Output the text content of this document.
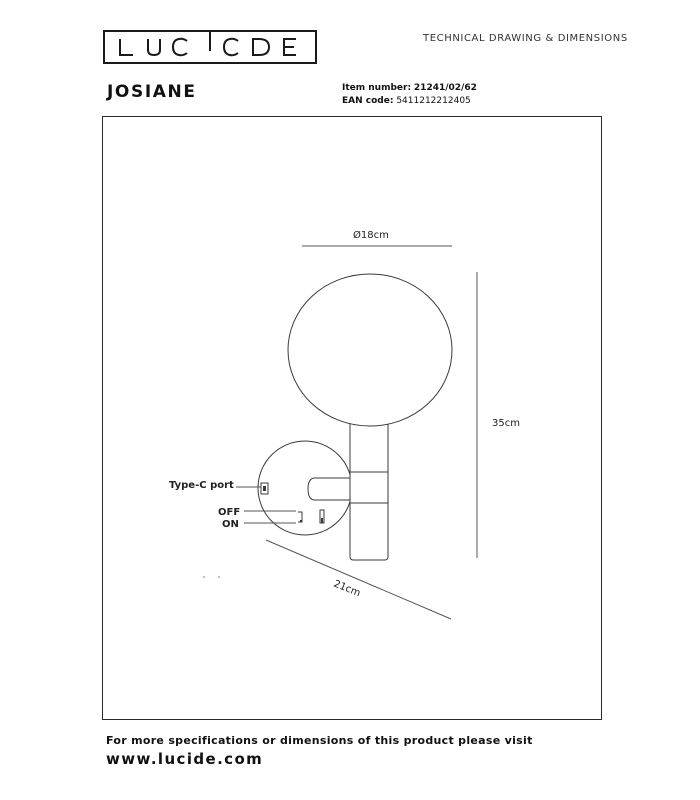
TECHNICAL DRAWING & DIMENSIONS
JOSIANE	Item number: 21241/02/62
EAN code: 5411212212405
Ø18cm
35cm
21cm
Type-C port
OFF
ON
For more specifications or dimensions of this product please visit
www.lucide.com
